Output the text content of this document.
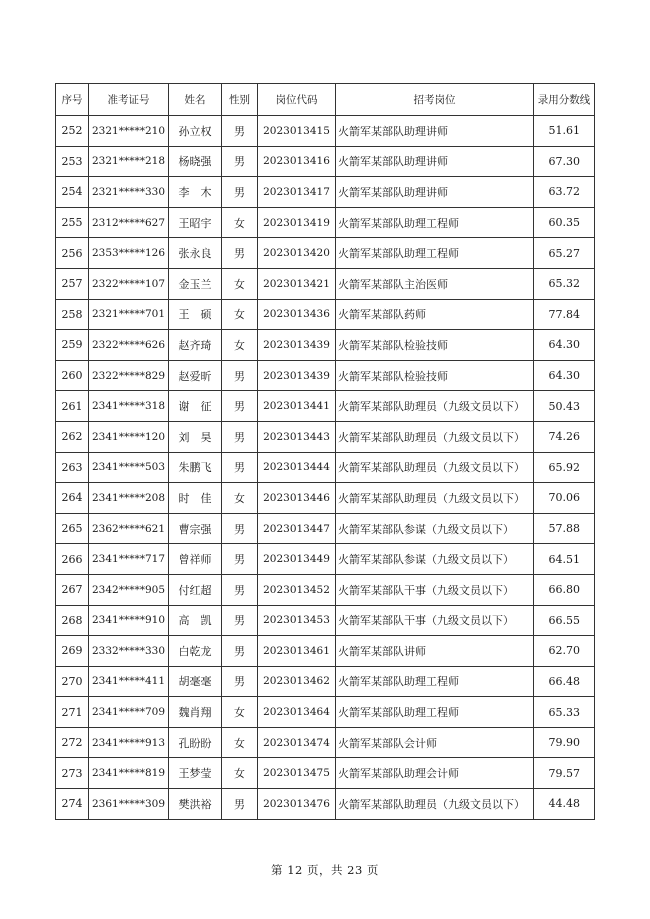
序号	准考证号	姓名	性别	岗位代码	招考岗位	录用分数线
252	2321*****210	孙立权	男	2023013415	火箭军某部队助理讲师	51.61
253	2321*****218	杨晓强	男	2023013416	火箭军某部队助理讲师	67.30
254	2321*****330	李　木	男	2023013417	火箭军某部队助理讲师	63.72
255	2312*****627	王昭宇	女	2023013419	火箭军某部队助理工程师	60.35
256	2353*****126	张永良	男	2023013420	火箭军某部队助理工程师	65.27
257	2322*****107	金玉兰	女	2023013421	火箭军某部队主治医师	65.32
258	2321*****701	王　硕	女	2023013436	火箭军某部队药师	77.84
259	2322*****626	赵齐琦	女	2023013439	火箭军某部队检验技师	64.30
260	2322*****829	赵爱昕	男	2023013439	火箭军某部队检验技师	64.30
261	2341*****318	谢　征	男	2023013441	火箭军某部队助理员（九级文员以下）	50.43
262	2341*****120	刘　昊	男	2023013443	火箭军某部队助理员（九级文员以下）	74.26
263	2341*****503	朱鹏飞	男	2023013444	火箭军某部队助理员（九级文员以下）	65.92
264	2341*****208	时　佳	女	2023013446	火箭军某部队助理员（九级文员以下）	70.06
265	2362*****621	曹宗强	男	2023013447	火箭军某部队参谋（九级文员以下）	57.88
266	2341*****717	曾祥师	男	2023013449	火箭军某部队参谋（九级文员以下）	64.51
267	2342*****905	付红超	男	2023013452	火箭军某部队干事（九级文员以下）	66.80
268	2341*****910	高　凯	男	2023013453	火箭军某部队干事（九级文员以下）	66.55
269	2332*****330	白乾龙	男	2023013461	火箭军某部队讲师	62.70
270	2341*****411	胡毫毫	男	2023013462	火箭军某部队助理工程师	66.48
271	2341*****709	魏肖翔	女	2023013464	火箭军某部队助理工程师	65.33
272	2341*****913	孔盼盼	女	2023013474	火箭军某部队会计师	79.90
273	2341*****819	王梦莹	女	2023013475	火箭军某部队助理会计师	79.57
274	2361*****309	樊洪裕	男	2023013476	火箭军某部队助理员（九级文员以下）	44.48
第 12 页，共 23 页
